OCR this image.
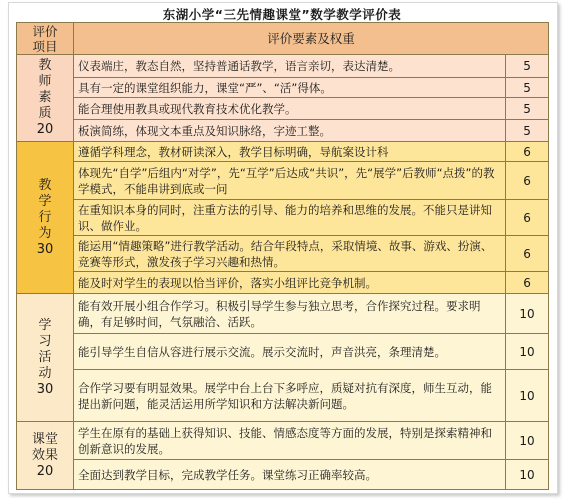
东湖小学“三先情趣课堂”数学教学评价表
评价
项目	评价要素及权重	

教
师
素
质
20	仪表端庄，教态自然，坚持普通话教学，语言亲切，表达清楚。	5
	具有一定的课堂组织能力，课堂“严”、“活”得体。	5
	能合理使用教具或现代教育技术优化教学。	5
	板演简练，体现文本重点及知识脉络，字迹工整。	5

教
学
行
为
30	遵循学科理念，教材研读深入，教学目标明确，导航案设计科	6

	体现先“自学”后组内“对学”，先“互学”后达成“共识”，先“展学”后教师“点拨”的教学模式，不能串讲到底或一问	6
	在重知识本身的同时，注重方法的引导、能力的培养和思维的发展。不能只是讲知识、做作业。	6
	能运用“情趣策略”进行教学活动。结合年段特点，采取情境、故事、游戏、扮演、竞赛等形式，激发孩子学习兴趣和热情。	6
	能及时对学生的表现以恰当评价，落实小组评比竞争机制。	6

学
习
活
动
30	能有效开展小组合作学习。积极引导学生参与独立思考，合作探究过程。要求明确，有足够时间，气氛融洽、活跃。	10
	能引导学生自信从容进行展示交流。展示交流时，声音洪亮，条理清楚。	10
	合作学习要有明显效果。展学中台上台下多呼应，质疑对抗有深度，师生互动，能提出新问题，能灵活运用所学知识和方法解决新问题。	10

课堂
效果
20	学生在原有的基础上获得知识、技能、情感态度等方面的发展，特别是探索精神和创新意识的发展。	10
	全面达到教学目标，完成教学任务。课堂练习正确率较高。	10
